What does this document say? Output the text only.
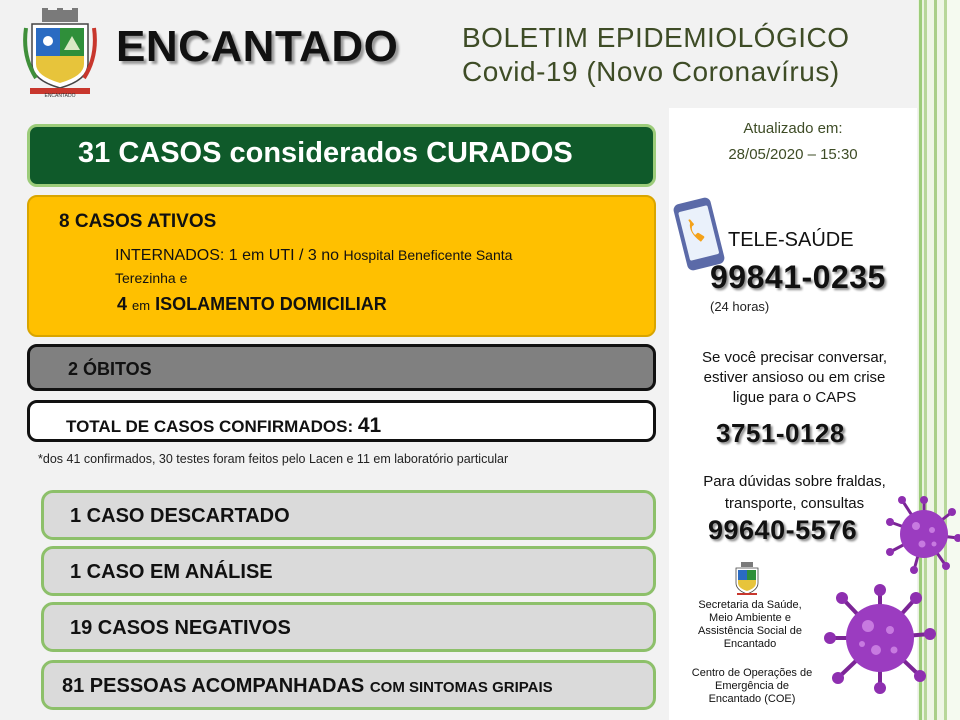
ENCANTADO
ENCANTADO BOLETIM EPIDEMIOLÓGICO
Covid-19 (Novo Coronavírus)
31 CASOS considerados CURADOS
8 CASOS ATIVOS
INTERNADOS: 1 em UTI / 3 no Hospital Beneficente Santa
Terezinha e
4 em ISOLAMENTO DOMICILIAR
2 ÓBITOS
TOTAL DE CASOS CONFIRMADOS: 41
*dos 41 confirmados, 30 testes foram feitos pelo Lacen e 11 em laboratório particular
1 CASO DESCARTADO
1 CASO EM ANÁLISE
19 CASOS NEGATIVOS
81 PESSOAS ACOMPANHADAS COM SINTOMAS GRIPAIS
Atualizado em:
28/05/2020 – 15:30
TELE-SAÚDE
99841-0235
(24 horas)
Se você precisar conversar,
estiver ansioso ou em crise
ligue para o CAPS
3751-0128
Para dúvidas sobre fraldas,
transporte, consultas
99640-5576
Secretaria da Saúde,
Meio Ambiente e
Assistência Social de
Encantado
Centro de Operações de
Emergência de
Encantado (COE)
